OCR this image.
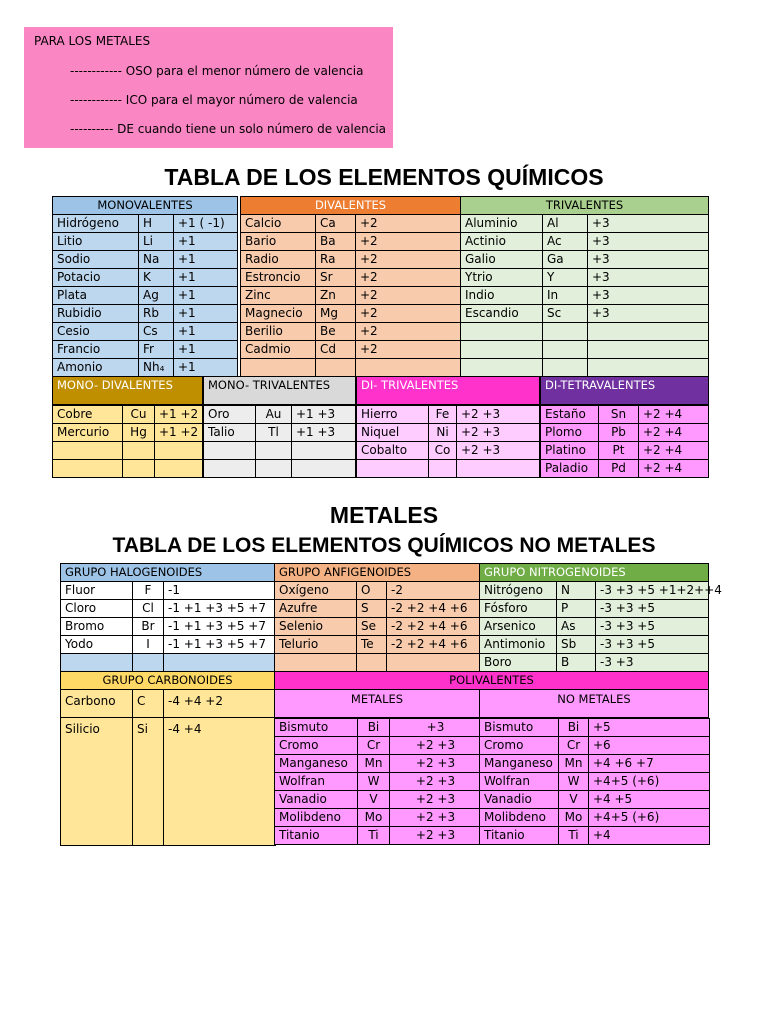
PARA LOS METALES
------------ OSO para el menor número de valencia
------------ ICO para el mayor número de valencia
---------- DE cuando tiene un solo número de valencia
TABLA DE LOS ELEMENTOS QUÍMICOS
MONOVALENTES
Hidrógeno	H	+1 ( -1)
Litio	Li	+1
Sodio	Na	+1
Potacio	K	+1
Plata	Ag	+1
Rubidio	Rb	+1
Cesio	Cs	+1
Francio	Fr	+1
Amonio	Nh₄	+1
DIVALENTES
Calcio	Ca	+2
Bario	Ba	+2
Radio	Ra	+2
Estroncio	Sr	+2
Zinc	Zn	+2
Magnecio	Mg	+2
Berilio	Be	+2
Cadmio	Cd	+2
TRIVALENTES
Aluminio	Al	+3
Actinio	Ac	+3
Galio	Ga	+3
Ytrio	Y	+3
Indio	In	+3
Escandio	Sc	+3
MONO- DIVALENTES
Cobre	Cu	+1 +2
Mercurio	Hg	+1 +2
MONO- TRIVALENTES
Oro	Au	+1 +3
Talio	Tl	+1 +3
DI- TRIVALENTES
Hierro	Fe +2 +3
Niquel	Ni	+2 +3
Cobalto	Co +2 +3
DI-TETRAVALENTES
Estaño	Sn	+2 +4
Plomo	Pb	+2 +4
Platino	Pt	+2 +4
Paladio	Pd	+2 +4
METALES
TABLA DE LOS ELEMENTOS QUÍMICOS NO METALES
GRUPO HALOGENOIDES
Fluor	F	-1
Cloro	Cl	-1 +1 +3 +5 +7
Bromo	Br	-1 +1 +3 +5 +7
Yodo	I	-1 +1 +3 +5 +7
GRUPO ANFIGENOIDES
Oxígeno	O	-2
Azufre	S	-2 +2 +4 +6
Selenio	Se	-2 +2 +4 +6
Telurio	Te	-2 +2 +4 +6
GRUPO NITROGENOIDES
Nitrógeno	N	-3 +3 +5 +1+2++4
Fósforo	P	-3 +3 +5
Arsenico	As	-3 +3 +5
Antimonio	Sb	-3 +3 +5
Boro	B	-3 +3
GRUPO CARBONOIDES
Carbono	C	-4 +4 +2
Silicio	Si	-4 +4
POLIVALENTES
METALES	NO METALES
Bismuto	Bi	+3
Cromo	Cr	+2 +3
Manganeso	Mn	+2 +3
Wolfran	W	+2 +3
Vanadio	V	+2 +3
Molibdeno	Mo	+2 +3
Titanio	Ti	+2 +3
Bismuto	Bi	+5
Cromo	Cr	+6
Manganeso Mn +4 +6 +7
Wolfran	W	+4+5 (+6)
Vanadio	V	+4 +5
Molibdeno	Mo +4+5 (+6)
Titanio	Ti	+4
